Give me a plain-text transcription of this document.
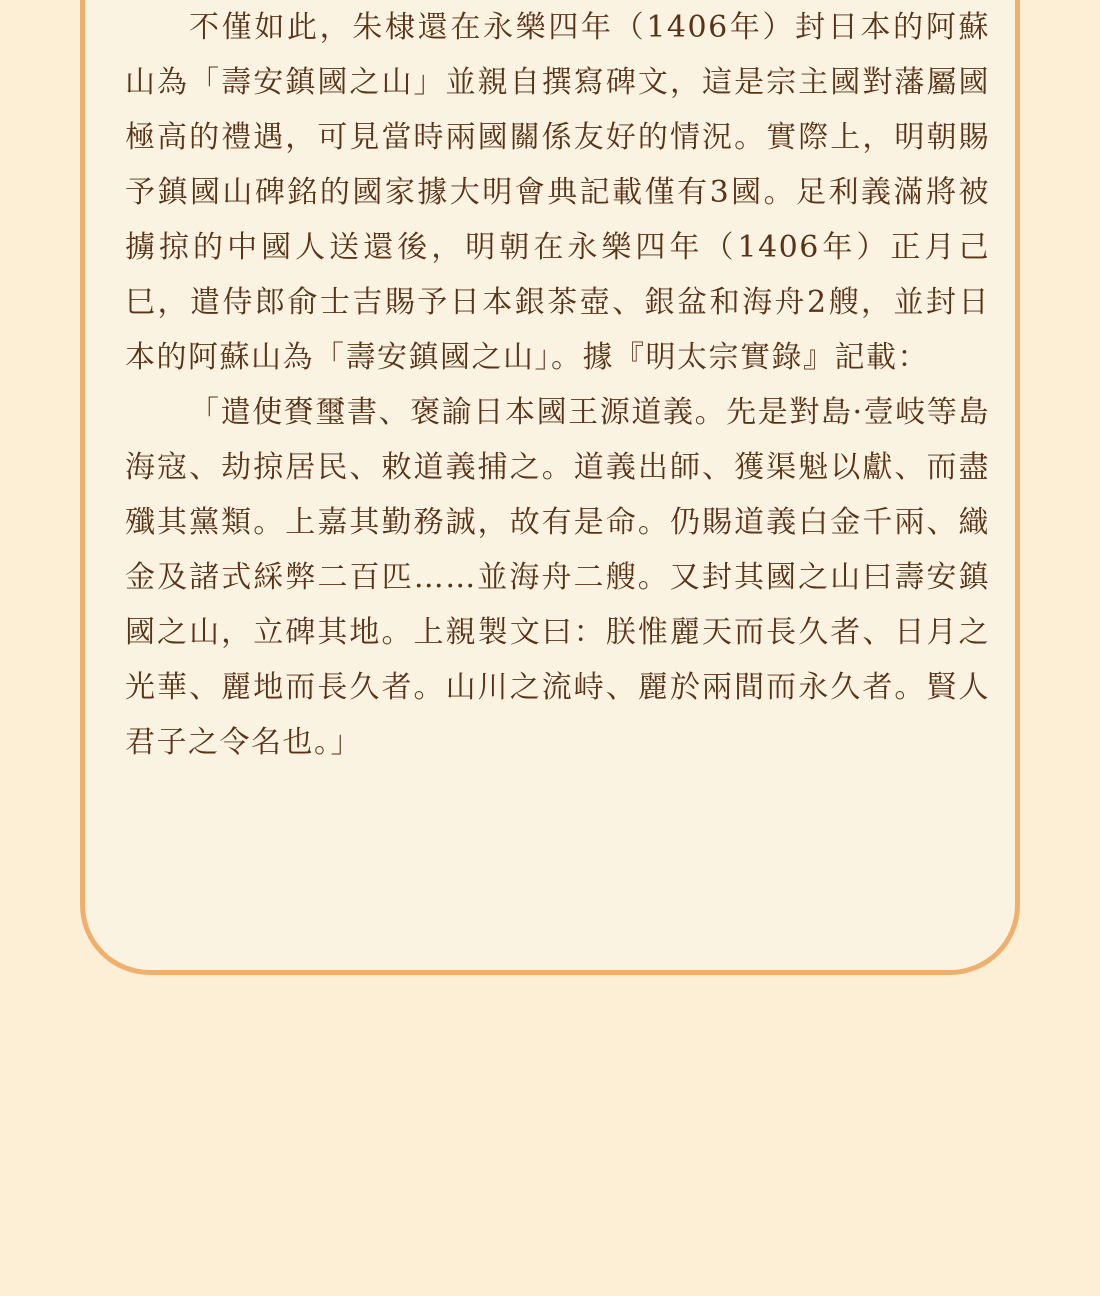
不僅如此，朱棣還在永樂四年（1406年）封日本的阿蘇山為「壽安鎮國之山」並親自撰寫碑文，這是宗主國對藩屬國極高的禮遇，可見當時兩國關係友好的情況。實際上，明朝賜予鎮國山碑銘的國家據大明會典記載僅有3國。足利義滿將被擄掠的中國人送還後，明朝在永樂四年（1406年）正月己巳，遣侍郎俞士吉賜予日本銀茶壺、銀盆和海舟2艘，並封日本的阿蘇山為「壽安鎮國之山」。據『明太宗實錄』記載：

「遣使賚璽書、褒諭日本國王源道義。先是對島·壹岐等島海寇、劫掠居民、敕道義捕之。道義出師、獲渠魁以獻、而盡殲其黨類。上嘉其勤務誠，故有是命。仍賜道義白金千兩、織金及諸式綵弊二百匹……並海舟二艘。又封其國之山曰壽安鎮國之山，立碑其地。上親製文曰：朕惟麗天而長久者、日月之光華、麗地而長久者。山川之流峙、麗於兩間而永久者。賢人君子之令名也。」
